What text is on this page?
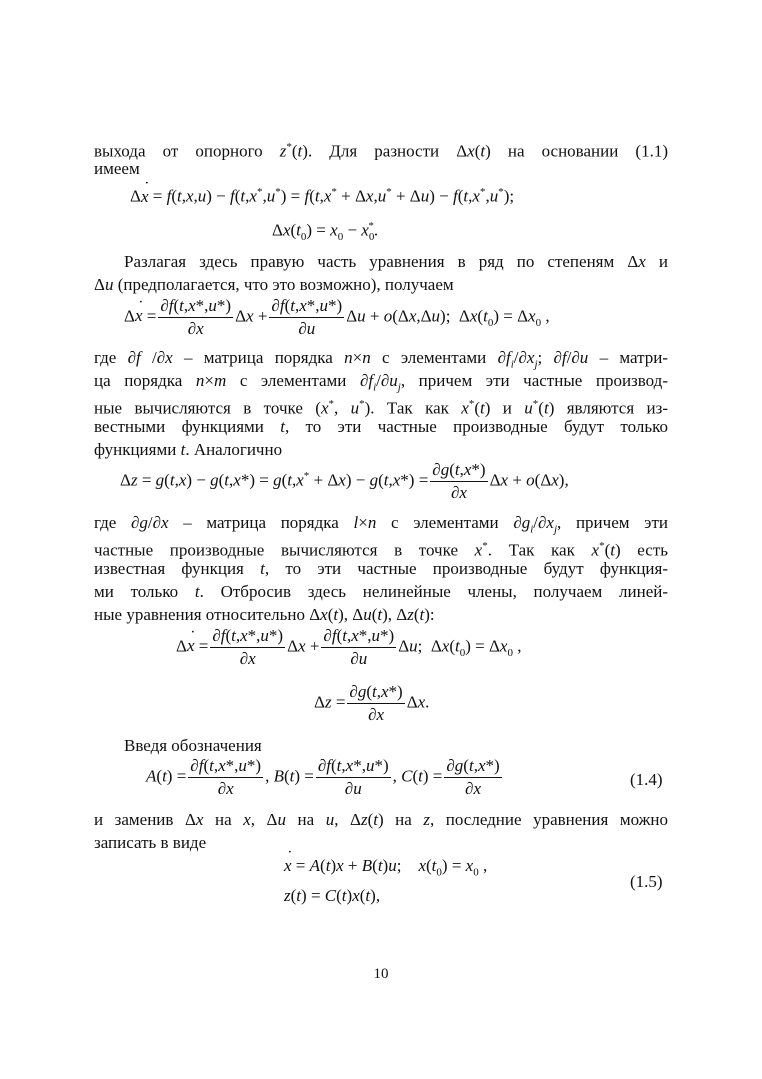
выхода от опорного z*(t). Для разности Δx(t) на основании (1.1)
имеем
Δx ˙ = f(t,x,u) − f(t,x*,u*) = f(t,x* + Δx,u* + Δu) − f(t,x*,u*);
$\Delta x(t_0) = x_0 - x_0^*$.
Разлагая здесь правую часть уравнения в ряд по степеням Δx и
Δu (предполагается, что это возможно), получаем
Δx ˙ = $\frac{\partial f(t,x*,u*)}{\partial x}$ $\Delta x + \frac{\partial f(t,x*,u*)}{\partial u}$ Δu + o(Δx,Δu);  $\Delta x(t_0) = \Delta x_0$ ,
где ∂f /∂x – матрица порядка n×n с элементами $\partial f_i/\partial x_j$; ∂f/∂u – матри-
ца порядка n×m с элементами $\partial f_i/\partial u_j$, причем эти частные производ-
ные вычисляются в точке (x*, u*). Так как x*(t) и u*(t) являются из-
вестными функциями t, то эти частные производные будут только
функциями t. Аналогично
$\Delta z = g(t,x) - g(t,x*) = g(t,x^* + \Delta x) - g(t,x*) = \frac{\partial g(t,x*)}{\partial x}$ Δx + o(Δx),
где ∂g/∂x – матрица порядка l×n с элементами $\partial g_i/\partial x_j$, причем эти
частные производные вычисляются в точке x*. Так как x*(t) есть
известная функция t, то эти частные производные будут функция-
ми только t. Отбросив здесь нелинейные члены, получаем линей-
ные уравнения относительно Δx(t), Δu(t), Δz(t):
Δx ˙ = $\frac{\partial f(t,x*,u*)}{\partial x}$ $\Delta x + \frac{\partial f(t,x*,u*)}{\partial u} \Delta u$;  $\Delta x(t_0) = \Delta x_0$ ,
$\Delta z = \frac{\partial g(t,x*)}{\partial x} \Delta x$.
Введя обозначения
$A(t) = \frac{\partial f(t,x*,u*)}{\partial x}$ , $B(t) = \frac{\partial f(t,x*,u*)}{\partial u}$ , $C(t) = \frac{\partial g(t,x*)}{\partial x}$	(1.4)
и заменив Δx на x, Δu на u, Δz(t) на z, последние уравнения можно
записать в виде
x ˙ = A(t)x + B(t)u;    $x(t_0) = x_0$ ,
z(t) = C(t)x(t),
(1.5)
10
